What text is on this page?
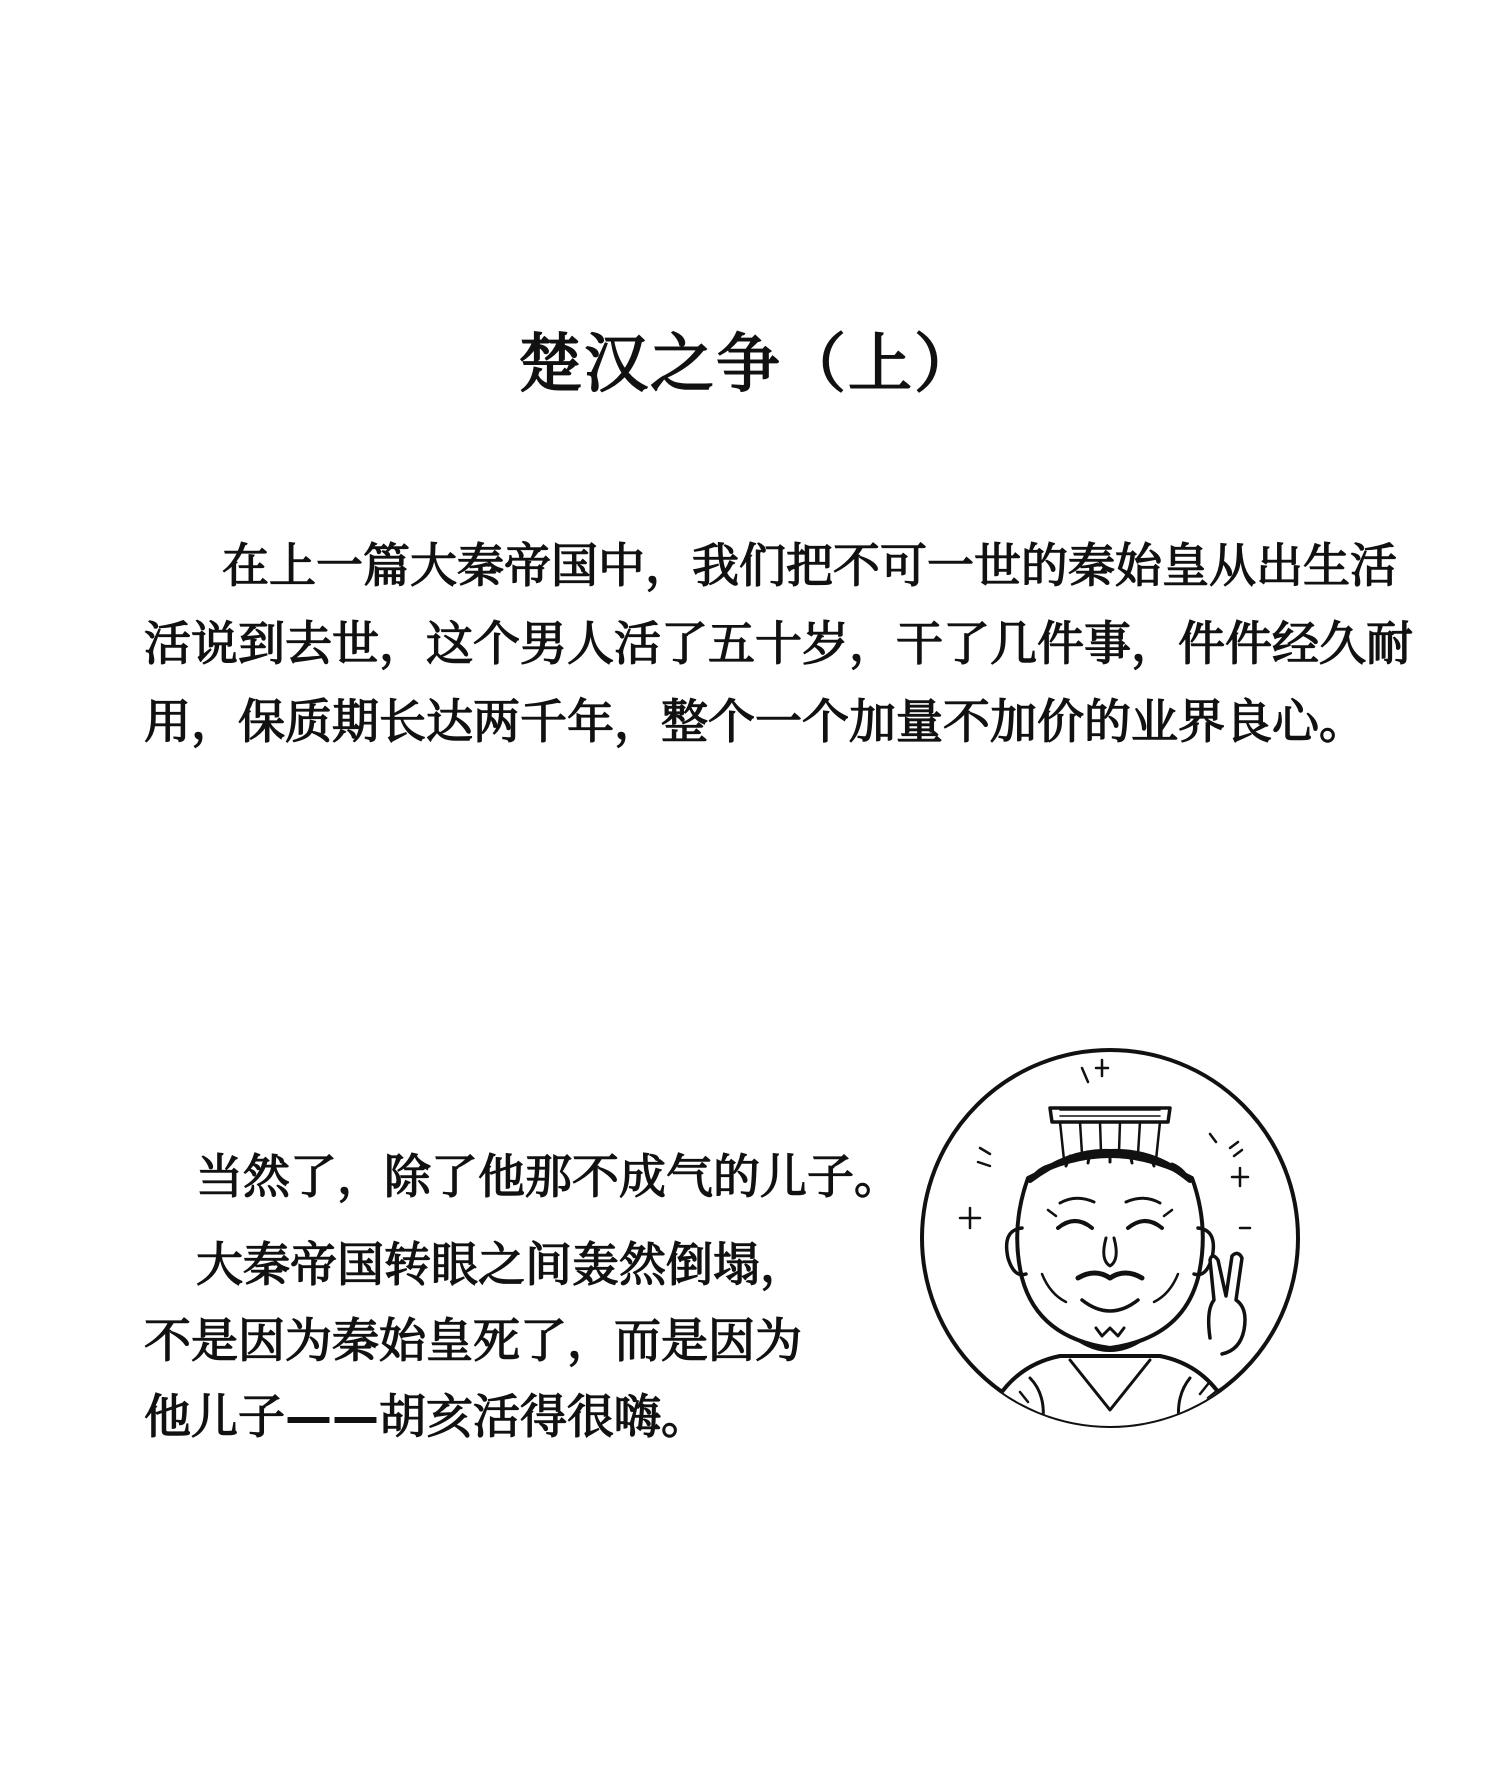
楚汉之争（上）

在上一篇大秦帝国中，我们把不可一世的秦始皇从出生活活说到去世，这个男人活了五十岁，干了几件事，件件经久耐用，保质期长达两千年，整个一个加量不加价的业界良心。

当然了，除了他那不成气的儿子。

大秦帝国转眼之间轰然倒塌，
不是因为秦始皇死了，而是因为
他儿子——胡亥活得很嗨。
